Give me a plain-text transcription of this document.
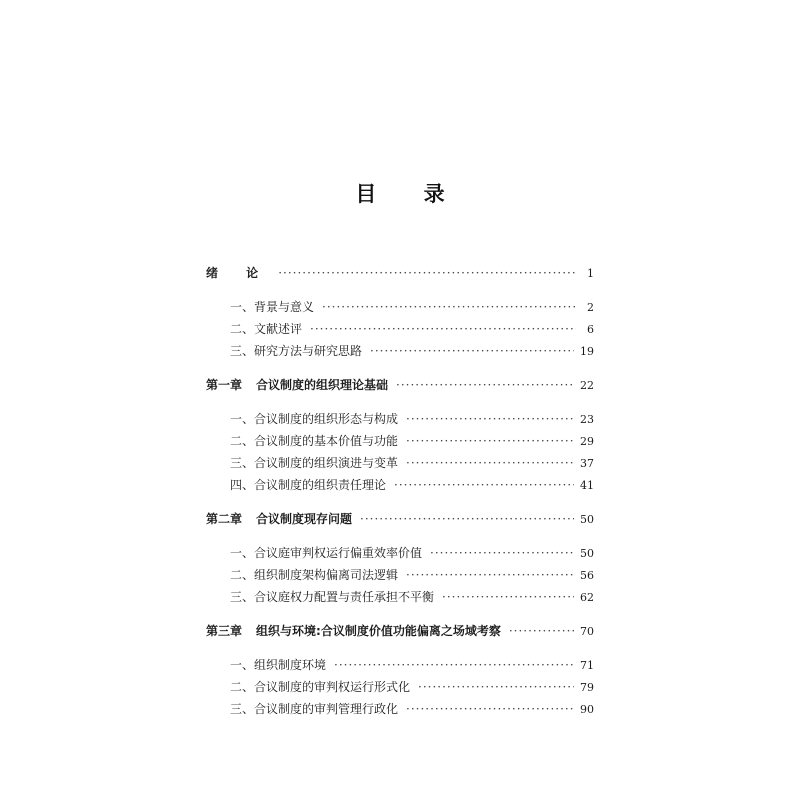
目 录
绪 论 ·····	1
一、背景与意义 ·····	2
二、文献述评 ·····	6
三、研究方法与研究思路 ·····	19
第一章 合议制度的组织理论基础 ·····	22
一、合议制度的组织形态与构成 ·····	23
二、合议制度的基本价值与功能 ·····	29
三、合议制度的组织演进与变革 ·····	37
四、合议制度的组织责任理论 ·····	41
第二章 合议制度现存问题 ·····	50
一、合议庭审判权运行偏重效率价值 ·····	50
二、组织制度架构偏离司法逻辑 ·····	56
三、合议庭权力配置与责任承担不平衡 ·····	62
第三章 组织与环境:合议制度价值功能偏离之场域考察 ·····	70
一、组织制度环境 ·····	71
二、合议制度的审判权运行形式化 ·····	79
三、合议制度的审判管理行政化 ·····	90
